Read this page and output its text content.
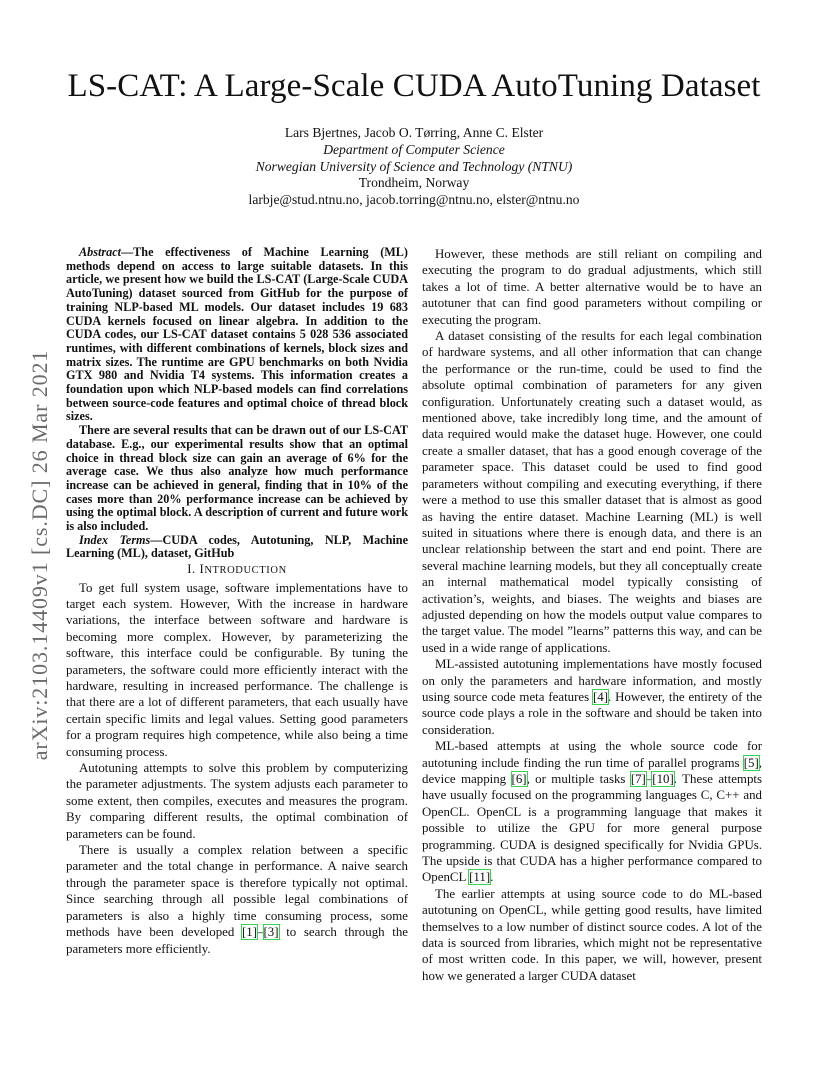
LS-CAT: A Large-Scale CUDA AutoTuning Dataset
Lars Bjertnes, Jacob O. Tørring, Anne C. Elster
Department of Computer Science
Norwegian University of Science and Technology (NTNU)
Trondheim, Norway
larbje@stud.ntnu.no, jacob.torring@ntnu.no, elster@ntnu.no
arXiv:2103.14409v1 [cs.DC] 26 Mar 2021

Abstract—The effectiveness of Machine Learning (ML) methods depend on access to large suitable datasets. In this article, we present how we build the LS-CAT (Large-Scale CUDA AutoTuning) dataset sourced from GitHub for the purpose of training NLP-based ML models. Our dataset includes 19 683 CUDA kernels focused on linear algebra. In addition to the CUDA codes, our LS-CAT dataset contains 5 028 536 associated runtimes, with different combinations of kernels, block sizes and matrix sizes. The runtime are GPU benchmarks on both Nvidia GTX 980 and Nvidia T4 systems. This information creates a foundation upon which NLP-based models can find correlations between source-code features and optimal choice of thread block sizes.

There are several results that can be drawn out of our LS-CAT database. E.g., our experimental results show that an optimal choice in thread block size can gain an average of 6% for the average case. We thus also analyze how much performance increase can be achieved in general, finding that in 10% of the cases more than 20% performance increase can be achieved by using the optimal block. A description of current and future work is also included.

Index Terms—CUDA codes, Autotuning, NLP, Machine Learning (ML), dataset, GitHub

I. INTRODUCTION

To get full system usage, software implementations have to target each system. However, With the increase in hardware variations, the interface between software and hardware is becoming more complex. However, by parameterizing the software, this interface could be configurable. By tuning the parameters, the software could more efficiently interact with the hardware, resulting in increased performance. The challenge is that there are a lot of different parameters, that each usually have certain specific limits and legal values. Setting good parameters for a program requires high competence, while also being a time consuming process.

Autotuning attempts to solve this problem by computerizing the parameter adjustments. The system adjusts each parameter to some extent, then compiles, executes and measures the program. By comparing different results, the optimal combination of parameters can be found.

There is usually a complex relation between a specific parameter and the total change in performance. A naive search through the parameter space is therefore typically not optimal. Since searching through all possible legal combinations of parameters is also a highly time consuming process, some methods have been developed [1]–[3] to search through the parameters more efficiently.

However, these methods are still reliant on compiling and executing the program to do gradual adjustments, which still takes a lot of time. A better alternative would be to have an autotuner that can find good parameters without compiling or executing the program.

A dataset consisting of the results for each legal combination of hardware systems, and all other information that can change the performance or the run-time, could be used to find the absolute optimal combination of parameters for any given configuration. Unfortunately creating such a dataset would, as mentioned above, take incredibly long time, and the amount of data required would make the dataset huge. However, one could create a smaller dataset, that has a good enough coverage of the parameter space. This dataset could be used to find good parameters without compiling and executing everything, if there were a method to use this smaller dataset that is almost as good as having the entire dataset. Machine Learning (ML) is well suited in situations where there is enough data, and there is an unclear relationship between the start and end point. There are several machine learning models, but they all conceptually create an internal mathematical model typically consisting of activation’s, weights, and biases. The weights and biases are adjusted depending on how the models output value compares to the target value. The model ”learns” patterns this way, and can be used in a wide range of applications.

ML-assisted autotuning implementations have mostly focused on only the parameters and hardware information, and mostly using source code meta features [4]. However, the entirety of the source code plays a role in the software and should be taken into consideration.

ML-based attempts at using the whole source code for autotuning include finding the run time of parallel programs [5], device mapping [6], or multiple tasks [7]–[10]. These attempts have usually focused on the programming languages C, C++ and OpenCL. OpenCL is a programming language that makes it possible to utilize the GPU for more general purpose programming. CUDA is designed specifically for Nvidia GPUs. The upside is that CUDA has a higher performance compared to OpenCL [11].

The earlier attempts at using source code to do ML-based autotuning on OpenCL, while getting good results, have limited themselves to a low number of distinct source codes. A lot of the data is sourced from libraries, which might not be representative of most written code. In this paper, we will, however, present how we generated a larger CUDA dataset
